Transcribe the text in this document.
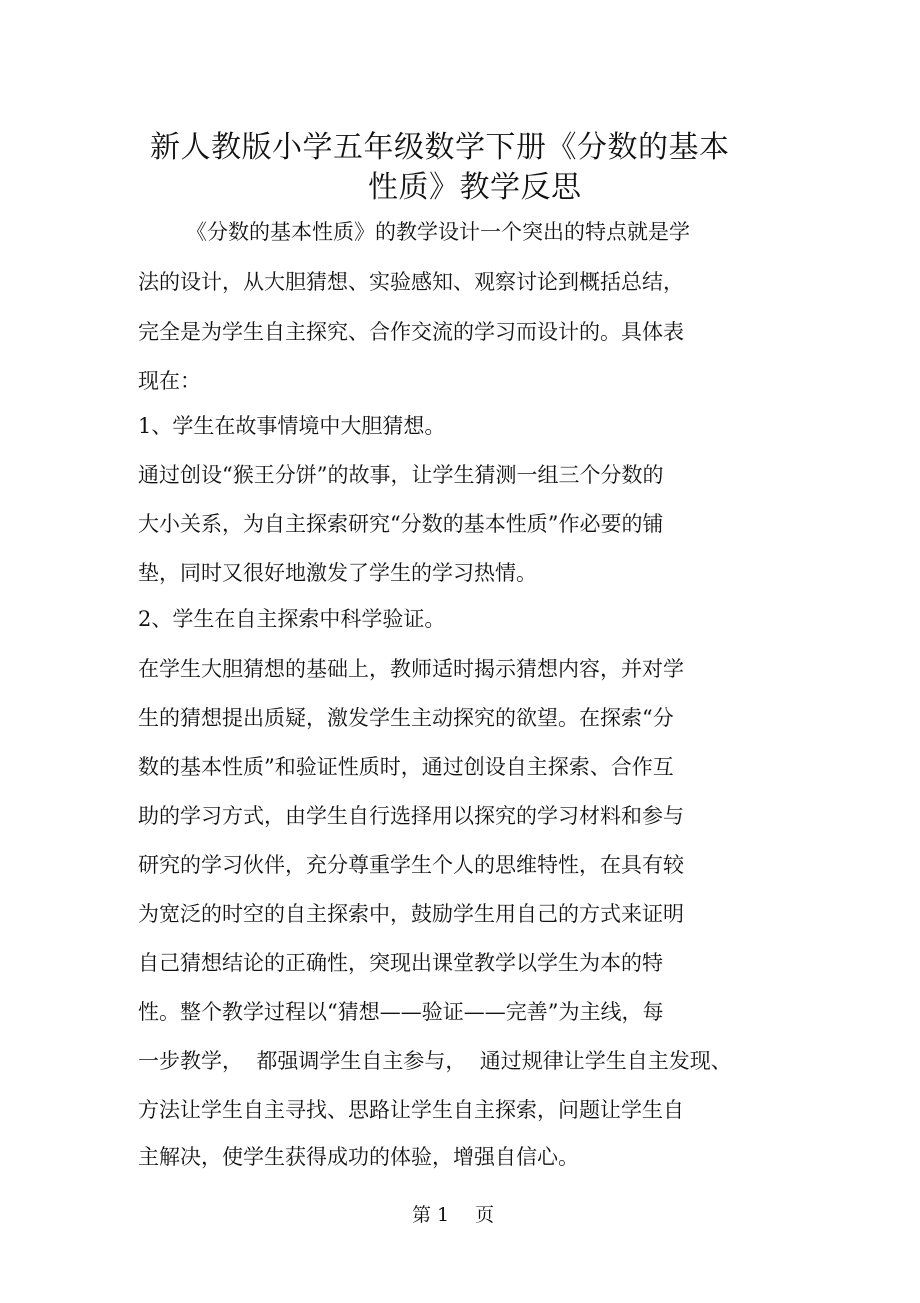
新人教版小学五年级数学下册《分数的基本
性质》教学反思
《分数的基本性质》的教学设计一个突出的特点就是学
法的设计，从大胆猜想、实验感知、观察讨论到概括总结，
完全是为学生自主探究、合作交流的学习而设计的。具体表
现在：
1、学生在故事情境中大胆猜想。
通过创设“猴王分饼”的故事，让学生猜测一组三个分数的
大小关系，为自主探索研究“分数的基本性质”作必要的铺
垫，同时又很好地激发了学生的学习热情。
2、学生在自主探索中科学验证。
在学生大胆猜想的基础上，教师适时揭示猜想内容，并对学
生的猜想提出质疑，激发学生主动探究的欲望。在探索“分
数的基本性质”和验证性质时，通过创设自主探索、合作互
助的学习方式，由学生自行选择用以探究的学习材料和参与
研究的学习伙伴，充分尊重学生个人的思维特性，在具有较
为宽泛的时空的自主探索中，鼓励学生用自己的方式来证明
自己猜想结论的正确性，突现出课堂教学以学生为本的特
性。整个教学过程以“猜想——验证——完善”为主线，每
一步教学，  都强调学生自主参与，  通过规律让学生自主发现、
方法让学生自主寻找、思路让学生自主探索，问题让学生自
主解决，使学生获得成功的体验，增强自信心。
第 1 页
